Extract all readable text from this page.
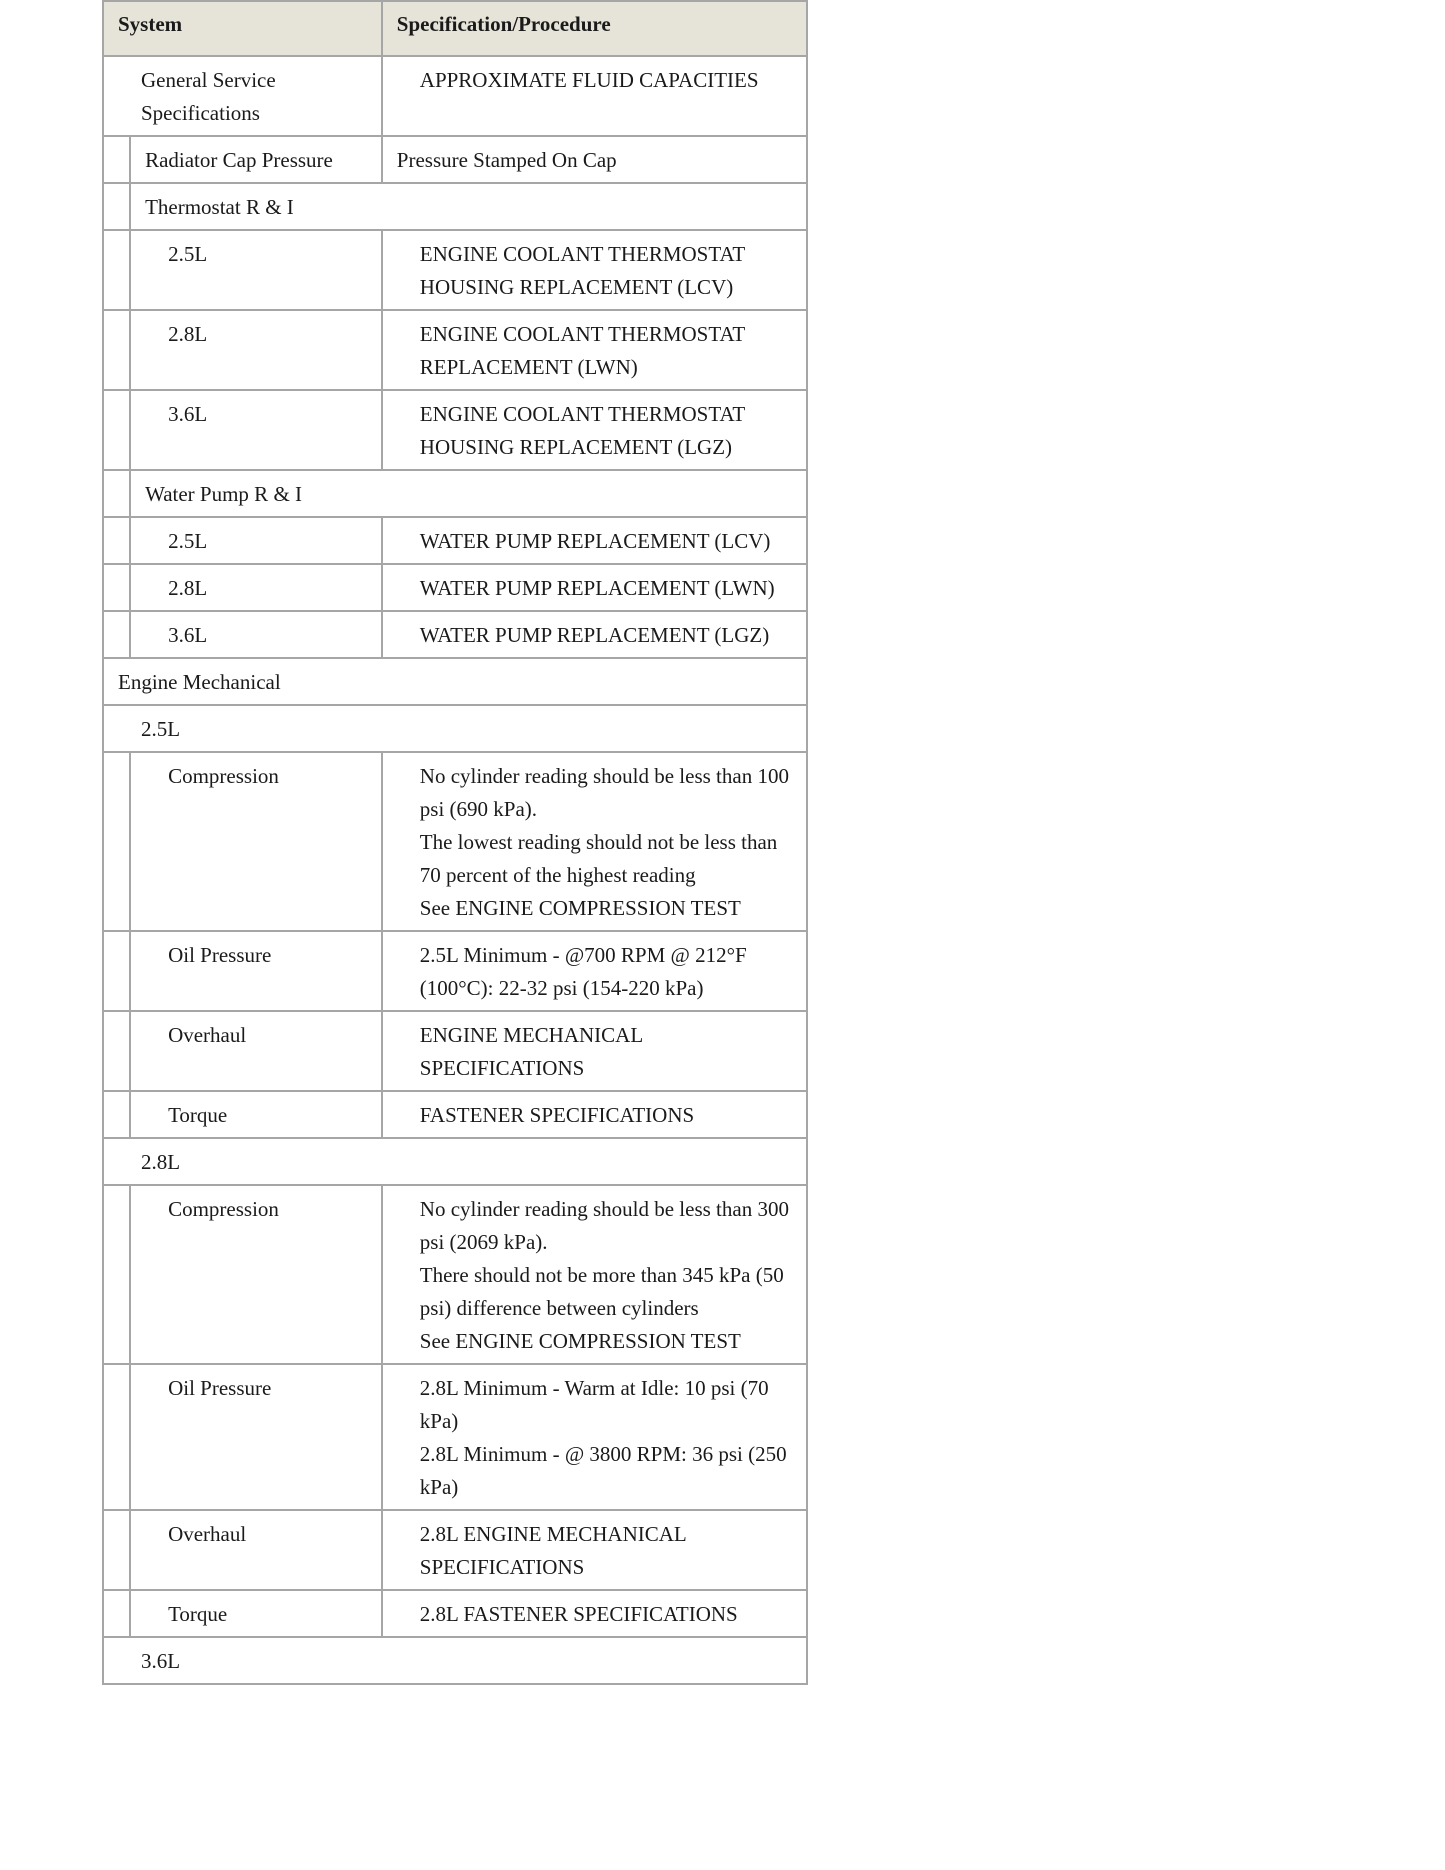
System		Specification/Procedure

General Service Specifications		APPROXIMATE FLUID CAPACITIES

	Radiator Cap Pressure	Pressure Stamped On Cap

	Thermostat R & I	

	2.5L	ENGINE COOLANT THERMOSTAT HOUSING REPLACEMENT (LCV)

	2.8L	ENGINE COOLANT THERMOSTAT REPLACEMENT (LWN)

	3.6L	ENGINE COOLANT THERMOSTAT HOUSING REPLACEMENT (LGZ)

	Water Pump R & I	

	2.5L	WATER PUMP REPLACEMENT (LCV)

	2.8L	WATER PUMP REPLACEMENT (LWN)

	3.6L	WATER PUMP REPLACEMENT (LGZ)

Engine Mechanical		

2.5L		

	Compression	No cylinder reading should be less than 100 psi (690 kPa).
The lowest reading should not be less than 70 percent of the highest reading
See ENGINE COMPRESSION TEST

	Oil Pressure	2.5L Minimum - @700 RPM @ 212°F (100°C): 22-32 psi (154-220 kPa)

	Overhaul	ENGINE MECHANICAL SPECIFICATIONS

	Torque	FASTENER SPECIFICATIONS

2.8L		

	Compression	No cylinder reading should be less than 300 psi (2069 kPa).
There should not be more than 345 kPa (50 psi) difference between cylinders
See ENGINE COMPRESSION TEST

	Oil Pressure	2.8L Minimum - Warm at Idle: 10 psi (70 kPa)
2.8L Minimum - @ 3800 RPM: 36 psi (250 kPa)

	Overhaul	2.8L ENGINE MECHANICAL SPECIFICATIONS

	Torque	2.8L FASTENER SPECIFICATIONS

3.6L		
